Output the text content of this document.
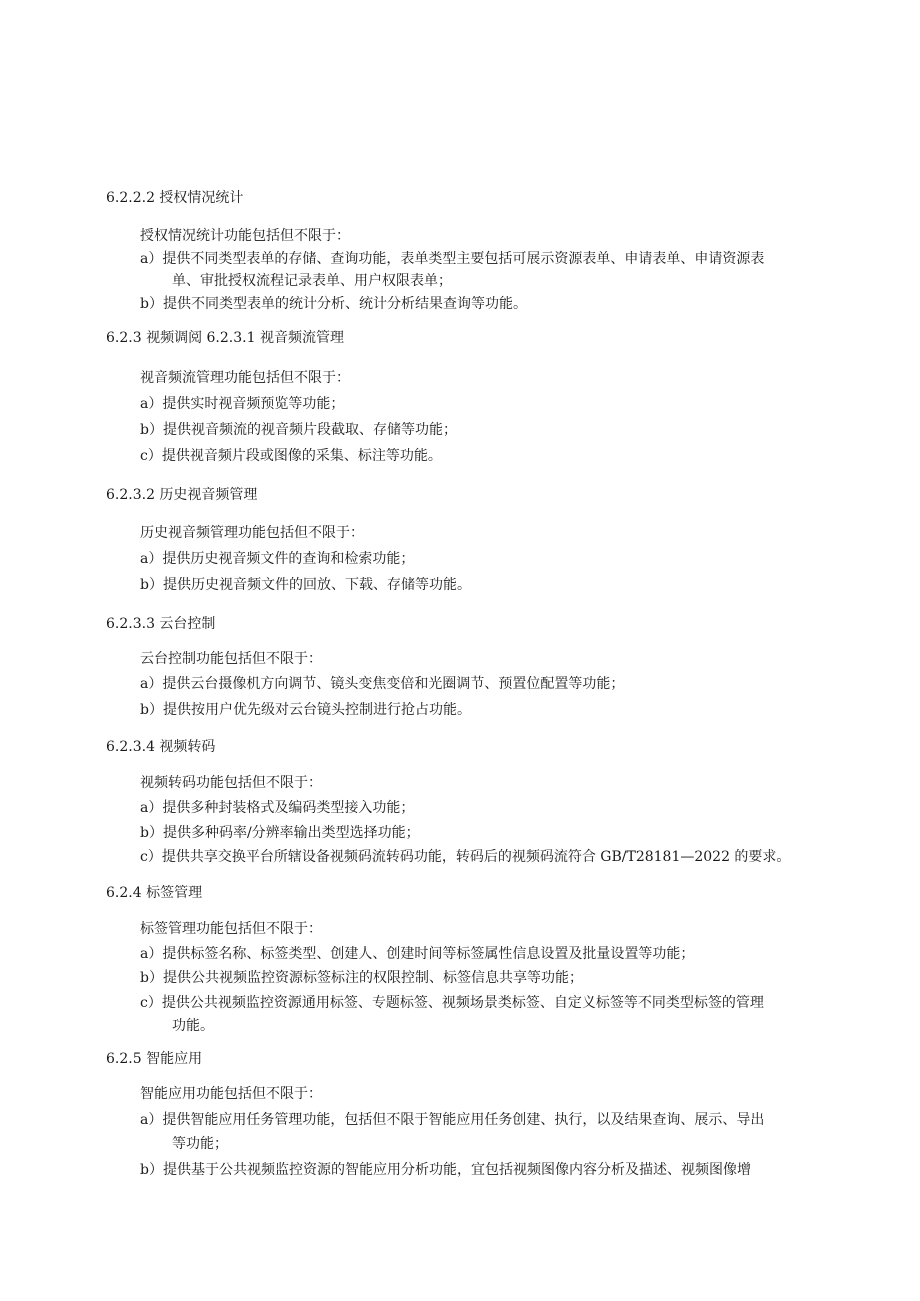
6.2.2.2 授权情况统计
授权情况统计功能包括但不限于：
a）提供不同类型表单的存储、查询功能，表单类型主要包括可展示资源表单、申请表单、申请资源表
单、审批授权流程记录表单、用户权限表单；
b）提供不同类型表单的统计分析、统计分析结果查询等功能。
6.2.3 视频调阅 6.2.3.1 视音频流管理
视音频流管理功能包括但不限于：
a）提供实时视音频预览等功能；
b）提供视音频流的视音频片段截取、存储等功能；
c）提供视音频片段或图像的采集、标注等功能。
6.2.3.2 历史视音频管理
历史视音频管理功能包括但不限于：
a）提供历史视音频文件的查询和检索功能；
b）提供历史视音频文件的回放、下载、存储等功能。
6.2.3.3 云台控制
云台控制功能包括但不限于：
a）提供云台摄像机方向调节、镜头变焦变倍和光圈调节、预置位配置等功能；
b）提供按用户优先级对云台镜头控制进行抢占功能。
6.2.3.4 视频转码
视频转码功能包括但不限于：
a）提供多种封装格式及编码类型接入功能；
b）提供多种码率/分辨率输出类型选择功能；
c）提供共享交换平台所辖设备视频码流转码功能，转码后的视频码流符合 GB/T28181—2022 的要求。
6.2.4 标签管理
标签管理功能包括但不限于：
a）提供标签名称、标签类型、创建人、创建时间等标签属性信息设置及批量设置等功能；
b）提供公共视频监控资源标签标注的权限控制、标签信息共享等功能；
c）提供公共视频监控资源通用标签、专题标签、视频场景类标签、自定义标签等不同类型标签的管理
功能。
6.2.5 智能应用
智能应用功能包括但不限于：
a）提供智能应用任务管理功能，包括但不限于智能应用任务创建、执行，以及结果查询、展示、导出
等功能；
b）提供基于公共视频监控资源的智能应用分析功能，宜包括视频图像内容分析及描述、视频图像增
